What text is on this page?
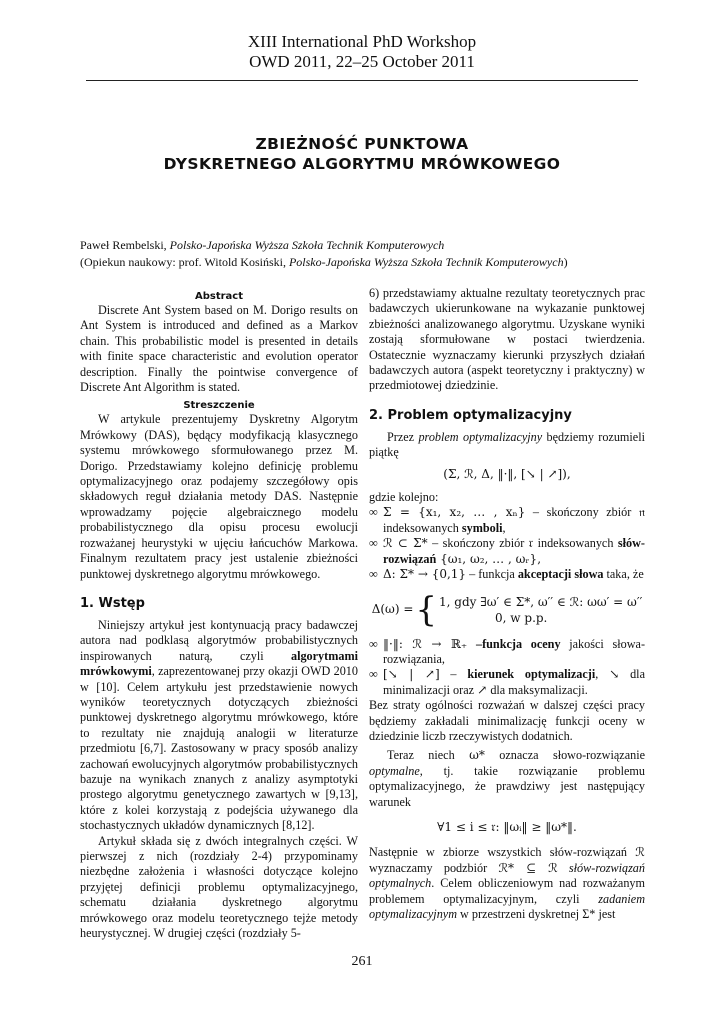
XIII International PhD Workshop
OWD 2011, 22–25 October 2011
ZBIEŻNOŚĆ PUNKTOWA
DYSKRETNEGO ALGORYTMU MRÓWKOWEGO
Paweł Rembelski, Polsko-Japońska Wyższa Szkoła Technik Komputerowych
(Opiekun naukowy: prof. Witold Kosiński, Polsko-Japońska Wyższa Szkoła Technik Komputerowych)

Abstract

Discrete Ant System based on M. Dorigo results on Ant System is introduced and defined as a Markov chain. This probabilistic model is presented in details with finite space characteristic and evolution operator description. Finally the pointwise convergence of Discrete Ant Algorithm is stated.

Streszczenie

W artykule prezentujemy Dyskretny Algorytm Mrówkowy (DAS), będący modyfikacją klasycznego systemu mrówkowego sformułowanego przez M. Dorigo. Przedstawiamy kolejno definicję problemu optymalizacyjnego oraz podajemy szczegółowy opis składowych reguł działania metody DAS. Następnie wprowadzamy pojęcie algebraicznego modelu probabilistycznego dla opisu procesu ewolucji rozważanej heurystyki w ujęciu łańcuchów Markowa. Finalnym rezultatem pracy jest ustalenie zbieżności punktowej dyskretnego algorytmu mrówkowego.

1. Wstęp

Niniejszy artykuł jest kontynuacją pracy badawczej autora nad podklasą algorytmów probabilistycznych inspirowanych naturą, czyli algorytmami mrówkowymi, zaprezentowanej przy okazji OWD 2010 w [10]. Celem artykułu jest przedstawienie nowych wyników teoretycznych dotyczących zbieżności punktowej dyskretnego algorytmu mrówkowego, które to rezultaty nie znajdują analogii w literaturze przedmiotu [6,7]. Zastosowany w pracy sposób analizy zachowań ewolucyjnych algorytmów probabilistycznych bazuje na wynikach znanych z analizy asymptotyki prostego algorytmu genetycznego zawartych w [9,13], które z kolei korzystają z podejścia używanego dla stochastycznych układów dynamicznych [8,12].

Artykuł składa się z dwóch integralnych części. W pierwszej z nich (rozdziały 2-4) przypominamy niezbędne założenia i własności dotyczące kolejno przyjętej definicji problemu optymalizacyjnego, schematu działania dyskretnego algorytmu mrówkowego oraz modelu teoretycznego tejże metody heurystycznej. W drugiej części (rozdziały 5-

6) przedstawiamy aktualne rezultaty teoretycznych prac badawczych ukierunkowane na wykazanie punktowej zbieżności analizowanego algorytmu. Uzyskane wyniki zostają sformułowane w postaci twierdzenia. Ostatecznie wyznaczamy kierunki przyszłych działań badawczych autora (aspekt teoretyczny i praktyczny) w przedmiotowej dziedzinie.

2. Problem optymalizacyjny

Przez problem optymalizacyjny będziemy rozumieli piątkę

(Σ, ℛ, Δ, ‖·‖, [↘ | ↗]),

gdzie kolejno:

∞ Σ = {x₁, x₂, … , xₙ} – skończony zbiór 𝔫 indeksowanych symboli,

∞ ℛ ⊂ Σ* – skończony zbiór 𝔯 indeksowanych słów-rozwiązań {ω₁, ω₂, … , ωᵣ},

∞ Δ: Σ* → {0,1} – funkcja akceptacji słowa taka, że

Δ(ω) = { 1, gdy ∃ω′ ∈ Σ*, ω′′ ∈ ℛ: ωω′ = ω′′
0, w p.p.

∞ ‖·‖: ℛ → ℝ₊ –funkcja oceny jakości słowa-rozwiązania,

∞ [↘ | ↗] – kierunek optymalizacji, ↘ dla minimalizacji oraz ↗ dla maksymalizacji.

Bez straty ogólności rozważań w dalszej części pracy będziemy zakładali minimalizację funkcji oceny w dziedzinie liczb rzeczywistych dodatnich.

Teraz niech ω* oznacza słowo-rozwiązanie optymalne, tj. takie rozwiązanie problemu optymalizacyjnego, że prawdziwy jest następujący warunek

∀1 ≤ i ≤ 𝔯: ‖ωᵢ‖ ≥ ‖ω*‖.

Następnie w zbiorze wszystkich słów-rozwiązań ℛ wyznaczamy podzbiór ℛ* ⊆ ℛ słów-rozwiązań optymalnych. Celem obliczeniowym nad rozważanym problemem optymalizacyjnym, czyli zadaniem optymalizacyjnym w przestrzeni dyskretnej Σ* jest

261
